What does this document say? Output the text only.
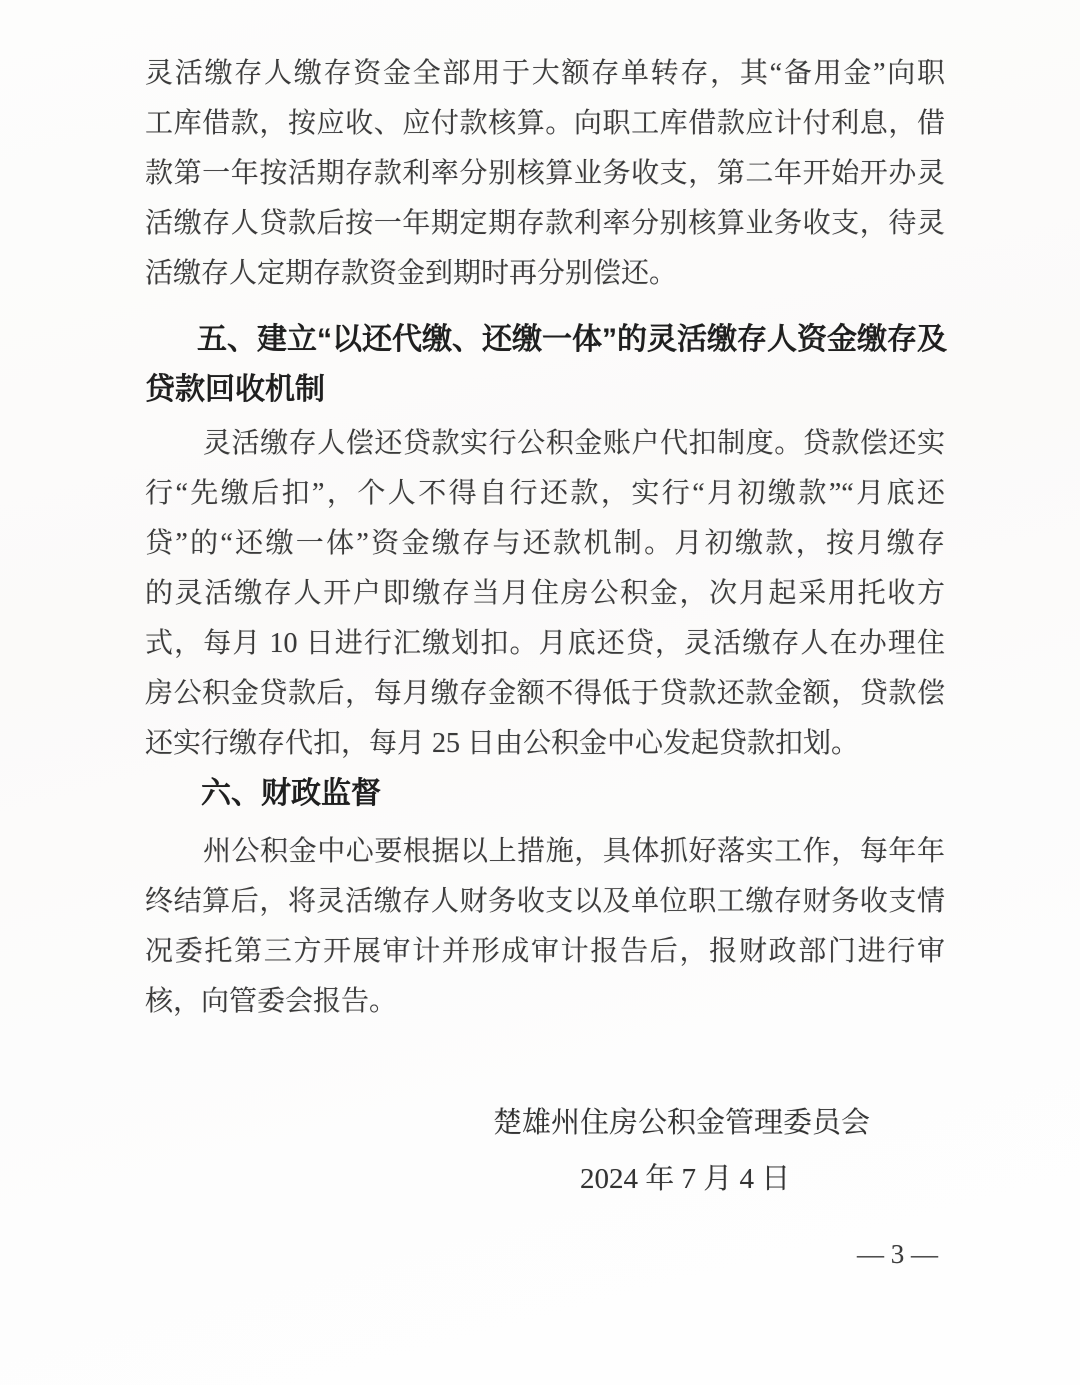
灵活缴存人缴存资金全部用于大额存单转存，其“备用金”向职
工库借款，按应收、应付款核算。向职工库借款应计付利息，借
款第一年按活期存款利率分别核算业务收支，第二年开始开办灵
活缴存人贷款后按一年期定期存款利率分别核算业务收支，待灵
活缴存人定期存款资金到期时再分别偿还。
五、建立“以还代缴、还缴一体”的灵活缴存人资金缴存及
贷款回收机制
灵活缴存人偿还贷款实行公积金账户代扣制度。贷款偿还实
行“先缴后扣”，个人不得自行还款，实行“月初缴款”“月底还
贷”的“还缴一体”资金缴存与还款机制。月初缴款，按月缴存
的灵活缴存人开户即缴存当月住房公积金，次月起采用托收方
式，每月 10 日进行汇缴划扣。月底还贷，灵活缴存人在办理住
房公积金贷款后，每月缴存金额不得低于贷款还款金额，贷款偿
还实行缴存代扣，每月 25 日由公积金中心发起贷款扣划。
六、财政监督
州公积金中心要根据以上措施，具体抓好落实工作，每年年
终结算后，将灵活缴存人财务收支以及单位职工缴存财务收支情
况委托第三方开展审计并形成审计报告后，报财政部门进行审
核，向管委会报告。
楚雄州住房公积金管理委员会
2024 年 7 月 4 日
— 3 —
